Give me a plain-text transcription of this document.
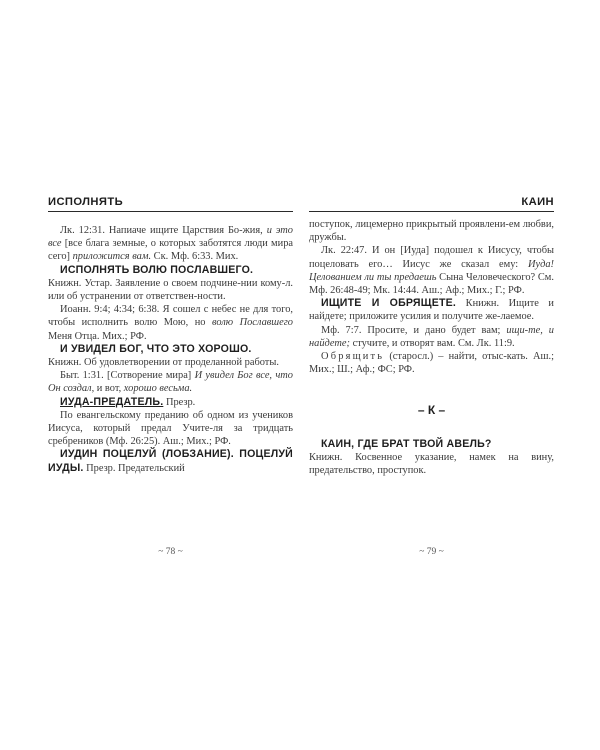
ИСПОЛНЯТЬ

Лк. 12:31. Напиаче ищите Царствия Бо-жия, и это все [все блага земные, о которых заботятся люди мира сего] приложится вам. Ск. Мф. 6:33. Мих.

ИСПОЛНЯТЬ ВОЛЮ ПОСЛАВШЕГО.

Книжн. Устар. Заявление о своем подчине-нии кому-л. или об устранении от ответствен-ности.

Иоанн. 9:4; 4:34; 6:38. Я сошел с небес не для того, чтобы исполнить волю Мою, но волю Пославшего Меня Отца. Мих.; РФ.

И УВИДЕЛ БОГ, ЧТО ЭТО ХОРОШО.

Книжн. Об удовлетворении от проделанной работы.

Быт. 1:31. [Сотворение мира] И увидел Бог все, что Он создал, и вот, хорошо весьма.

ИУДА-ПРЕДАТЕЛЬ. Презр.

По евангельскому преданию об одном из учеников Иисуса, который предал Учите-ля за тридцать сребреников (Мф. 26:25). Аш.; Мих.; РФ.

ИУДИН ПОЦЕЛУЙ (ЛОБЗАНИЕ). ПОЦЕЛУЙ ИУДЫ. Презр. Предательский

~ 78 ~
КАИН

поступок, лицемерно прикрытый проявлени-ем любви, дружбы.

Лк. 22:47. И он [Иуда] подошел к Иисусу, чтобы поцеловать его… Иисус же сказал ему: Иуда! Целованием ли ты предаешь Сына Человеческого? См. Мф. 26:48-49; Мк. 14:44. Аш.; Аф.; Мих.; Г.; РФ.

ИЩИТЕ И ОБРЯЩЕТЕ. Книжн. Ищите и найдете; приложите усилия и получите же-лаемое.

Мф. 7:7. Просите, и дано будет вам; ищи-те, и найдете; стучите, и отворят вам. См. Лк. 11:9.

Обрящить (старосл.) – найти, отыс-кать. Аш.; Мих.; Ш.; Аф.; ФС; РФ.

– К –

КАИН, ГДЕ БРАТ ТВОЙ АВЕЛЬ?

Книжн. Косвенное указание, намек на вину, предательство, проступок.

~ 79 ~
